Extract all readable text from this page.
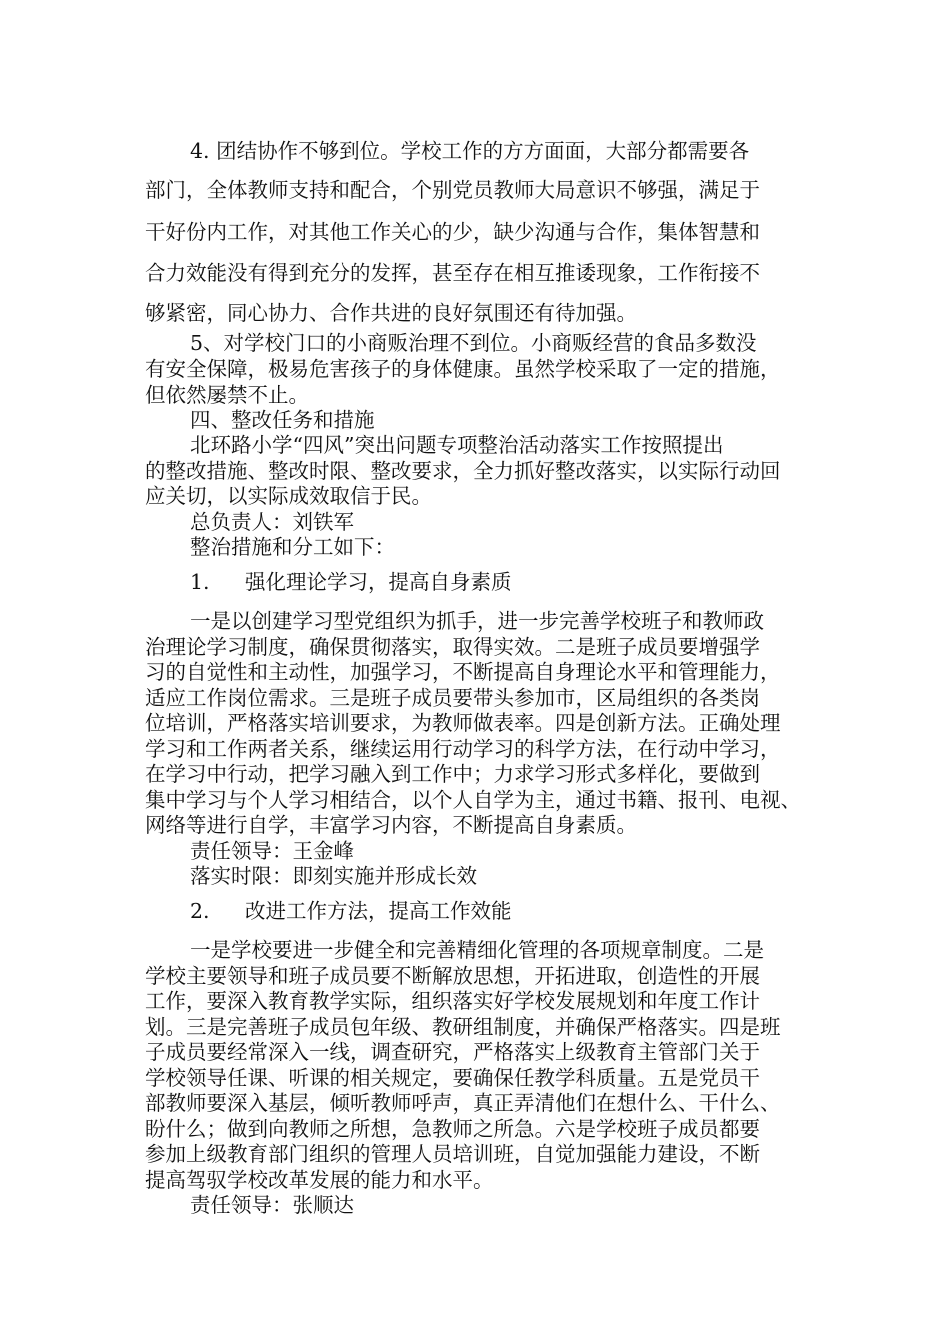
4. 团结协作不够到位。学校工作的方方面面，大部分都需要各

部门，全体教师支持和配合，个别党员教师大局意识不够强，满足于

干好份内工作，对其他工作关心的少，缺少沟通与合作，集体智慧和

合力效能没有得到充分的发挥，甚至存在相互推诿现象，工作衔接不

够紧密，同心协力、合作共进的良好氛围还有待加强。

5、对学校门口的小商贩治理不到位。小商贩经营的食品多数没

有安全保障，极易危害孩子的身体健康。虽然学校采取了一定的措施，

但依然屡禁不止。

四、整改任务和措施

北环路小学“四风”突出问题专项整治活动落实工作按照提出

的整改措施、整改时限、整改要求，全力抓好整改落实，以实际行动回

应关切，以实际成效取信于民。

总负责人：刘铁军

整治措施和分工如下：

1. 强化理论学习，提高自身素质

一是以创建学习型党组织为抓手，进一步完善学校班子和教师政

治理论学习制度，确保贯彻落实，取得实效。二是班子成员要增强学

习的自觉性和主动性，加强学习，不断提高自身理论水平和管理能力，

适应工作岗位需求。三是班子成员要带头参加市，区局组织的各类岗

位培训，严格落实培训要求，为教师做表率。四是创新方法。正确处理

学习和工作两者关系，继续运用行动学习的科学方法，在行动中学习，

在学习中行动，把学习融入到工作中；力求学习形式多样化，要做到

集中学习与个人学习相结合，以个人自学为主，通过书籍、报刊、电视、

网络等进行自学，丰富学习内容，不断提高自身素质。

责任领导：王金峰

落实时限：即刻实施并形成长效

2. 改进工作方法，提高工作效能

一是学校要进一步健全和完善精细化管理的各项规章制度。二是

学校主要领导和班子成员要不断解放思想，开拓进取，创造性的开展

工作，要深入教育教学实际，组织落实好学校发展规划和年度工作计

划。三是完善班子成员包年级、教研组制度，并确保严格落实。四是班

子成员要经常深入一线，调查研究，严格落实上级教育主管部门关于

学校领导任课、听课的相关规定，要确保任教学科质量。五是党员干

部教师要深入基层，倾听教师呼声，真正弄清他们在想什么、干什么、

盼什么；做到向教师之所想，急教师之所急。六是学校班子成员都要

参加上级教育部门组织的管理人员培训班，自觉加强能力建设，不断

提高驾驭学校改革发展的能力和水平。

责任领导：张顺达
